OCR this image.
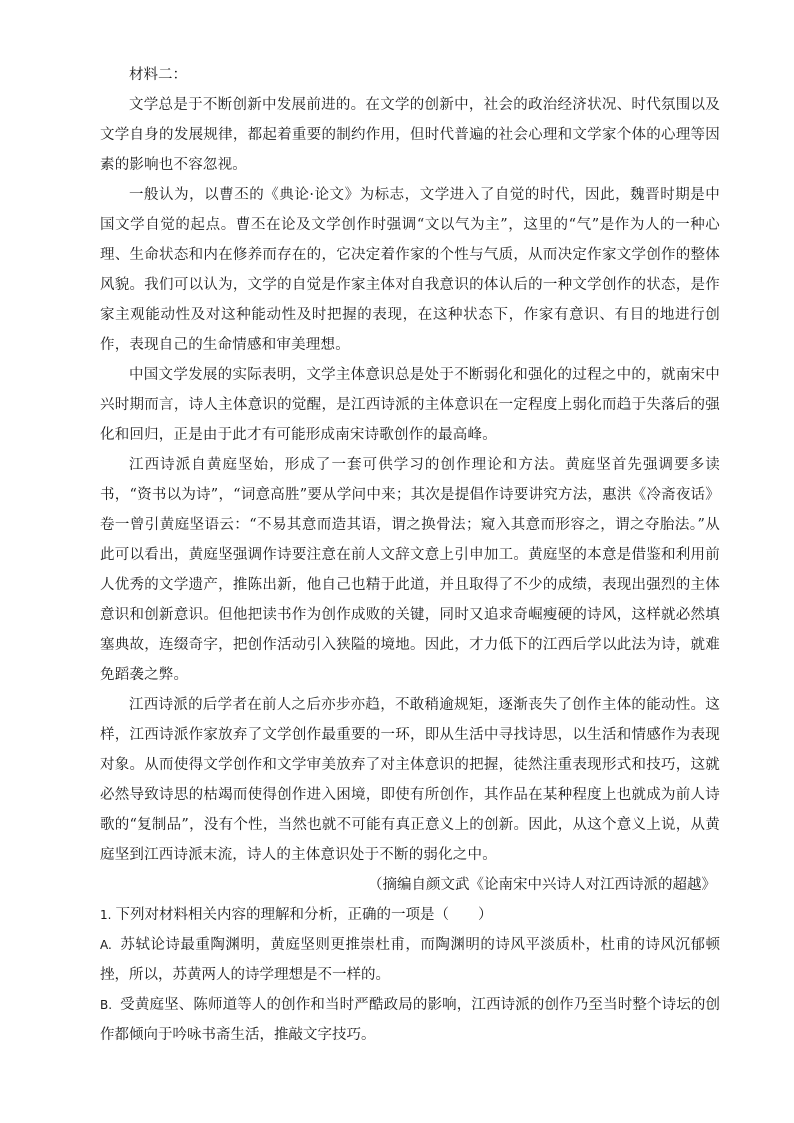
材料二：

文学总是于不断创新中发展前进的。在文学的创新中，社会的政治经济状况、时代氛围以及文学自身的发展规律，都起着重要的制约作用，但时代普遍的社会心理和文学家个体的心理等因素的影响也不容忽视。

一般认为，以曹丕的《典论·论文》为标志，文学进入了自觉的时代，因此，魏晋时期是中国文学自觉的起点。曹丕在论及文学创作时强调“文以气为主”，这里的“气”是作为人的一种心理、生命状态和内在修养而存在的，它决定着作家的个性与气质，从而决定作家文学创作的整体风貌。我们可以认为，文学的自觉是作家主体对自我意识的体认后的一种文学创作的状态，是作家主观能动性及对这种能动性及时把握的表现，在这种状态下，作家有意识、有目的地进行创作，表现自己的生命情感和审美理想。

中国文学发展的实际表明，文学主体意识总是处于不断弱化和强化的过程之中的，就南宋中兴时期而言，诗人主体意识的觉醒，是江西诗派的主体意识在一定程度上弱化而趋于失落后的强化和回归，正是由于此才有可能形成南宋诗歌创作的最高峰。

江西诗派自黄庭坚始，形成了一套可供学习的创作理论和方法。黄庭坚首先强调要多读书，“资书以为诗”，“词意高胜”要从学问中来；其次是提倡作诗要讲究方法，惠洪《冷斋夜话》卷一曾引黄庭坚语云：“不易其意而造其语，谓之换骨法；窥入其意而形容之，谓之夺胎法。”从此可以看出，黄庭坚强调作诗要注意在前人文辞文意上引申加工。黄庭坚的本意是借鉴和利用前人优秀的文学遗产，推陈出新，他自己也精于此道，并且取得了不少的成绩，表现出强烈的主体意识和创新意识。但他把读书作为创作成败的关键，同时又追求奇崛瘦硬的诗风，这样就必然填塞典故，连缀奇字，把创作活动引入狭隘的境地。因此，才力低下的江西后学以此法为诗，就难免蹈袭之弊。

江西诗派的后学者在前人之后亦步亦趋，不敢稍逾规矩，逐渐丧失了创作主体的能动性。这样，江西诗派作家放弃了文学创作最重要的一环，即从生活中寻找诗思，以生活和情感作为表现对象。从而使得文学创作和文学审美放弃了对主体意识的把握，徒然注重表现形式和技巧，这就必然导致诗思的枯竭而使得创作进入困境，即使有所创作，其作品在某种程度上也就成为前人诗歌的“复制品”，没有个性，当然也就不可能有真正意义上的创新。因此，从这个意义上说，从黄庭坚到江西诗派末流，诗人的主体意识处于不断的弱化之中。

（摘编自颜文武《论南宋中兴诗人对江西诗派的超越》

1. 下列对材料相关内容的理解和分析，正确的一项是（　　）

A. 苏轼论诗最重陶渊明，黄庭坚则更推崇杜甫，而陶渊明的诗风平淡质朴，杜甫的诗风沉郁顿挫，所以，苏黄两人的诗学理想是不一样的。

B. 受黄庭坚、陈师道等人的创作和当时严酷政局的影响，江西诗派的创作乃至当时整个诗坛的创作都倾向于吟咏书斋生活，推敲文字技巧。
